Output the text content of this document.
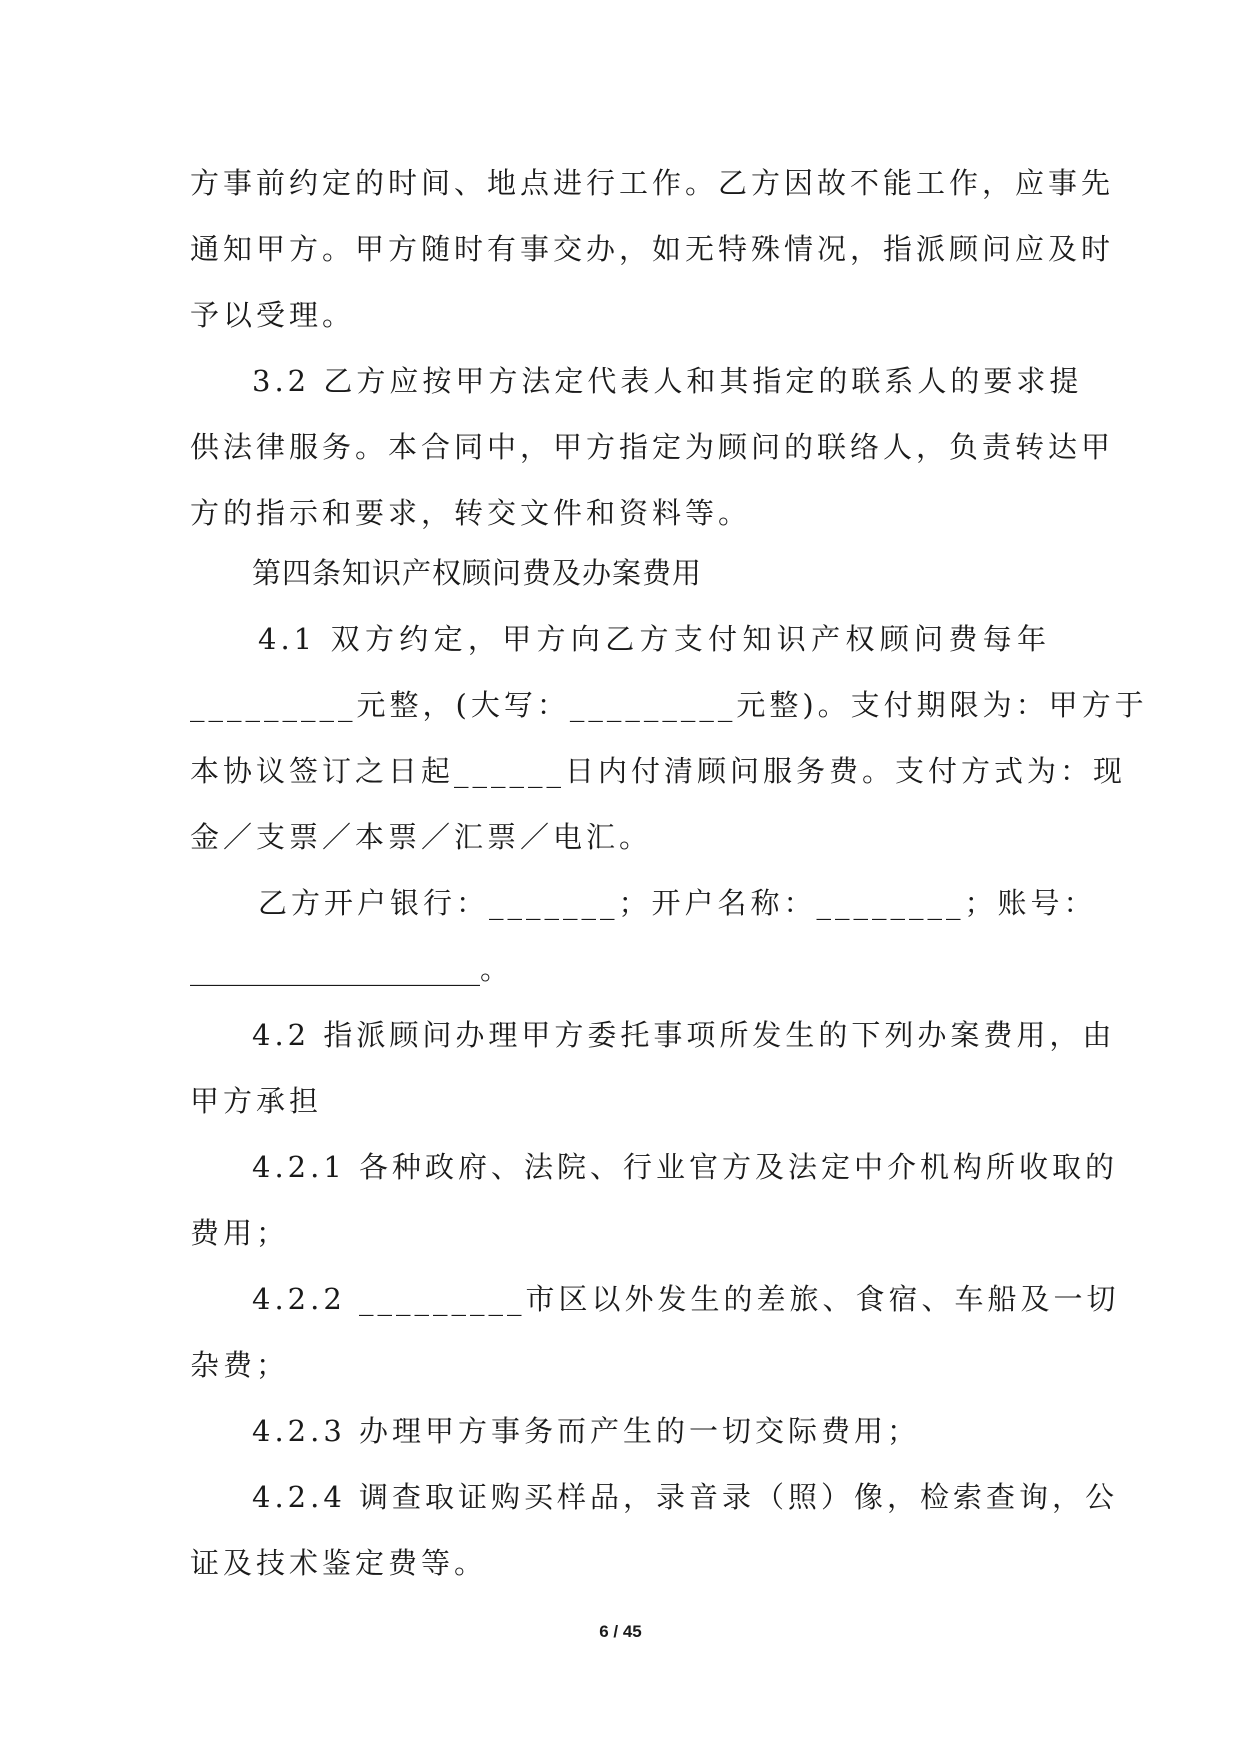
方事前约定的时间、地点进行工作。乙方因故不能工作，应事先
通知甲方。甲方随时有事交办，如无特殊情况，指派顾问应及时
予以受理。
3.2 乙方应按甲方法定代表人和其指定的联系人的要求提
供法律服务。本合同中，甲方指定为顾问的联络人，负责转达甲
方的指示和要求，转交文件和资料等。
第四条知识产权顾问费及办案费用
4.1 双方约定，甲方向乙方支付知识产权顾问费每年
_________元整，(大写：_________元整)。支付期限为：甲方于
本协议签订之日起______日内付清顾问服务费。支付方式为：现
金／支票／本票／汇票／电汇。
乙方开户银行：_______；开户名称：________；账号：
____________________。
4.2 指派顾问办理甲方委托事项所发生的下列办案费用，由
甲方承担
4.2.1 各种政府、法院、行业官方及法定中介机构所收取的
费用；
4.2.2 _________市区以外发生的差旅、食宿、车船及一切
杂费；
4.2.3 办理甲方事务而产生的一切交际费用；
4.2.4 调查取证购买样品，录音录（照）像，检索查询，公
证及技术鉴定费等。
6 / 45
